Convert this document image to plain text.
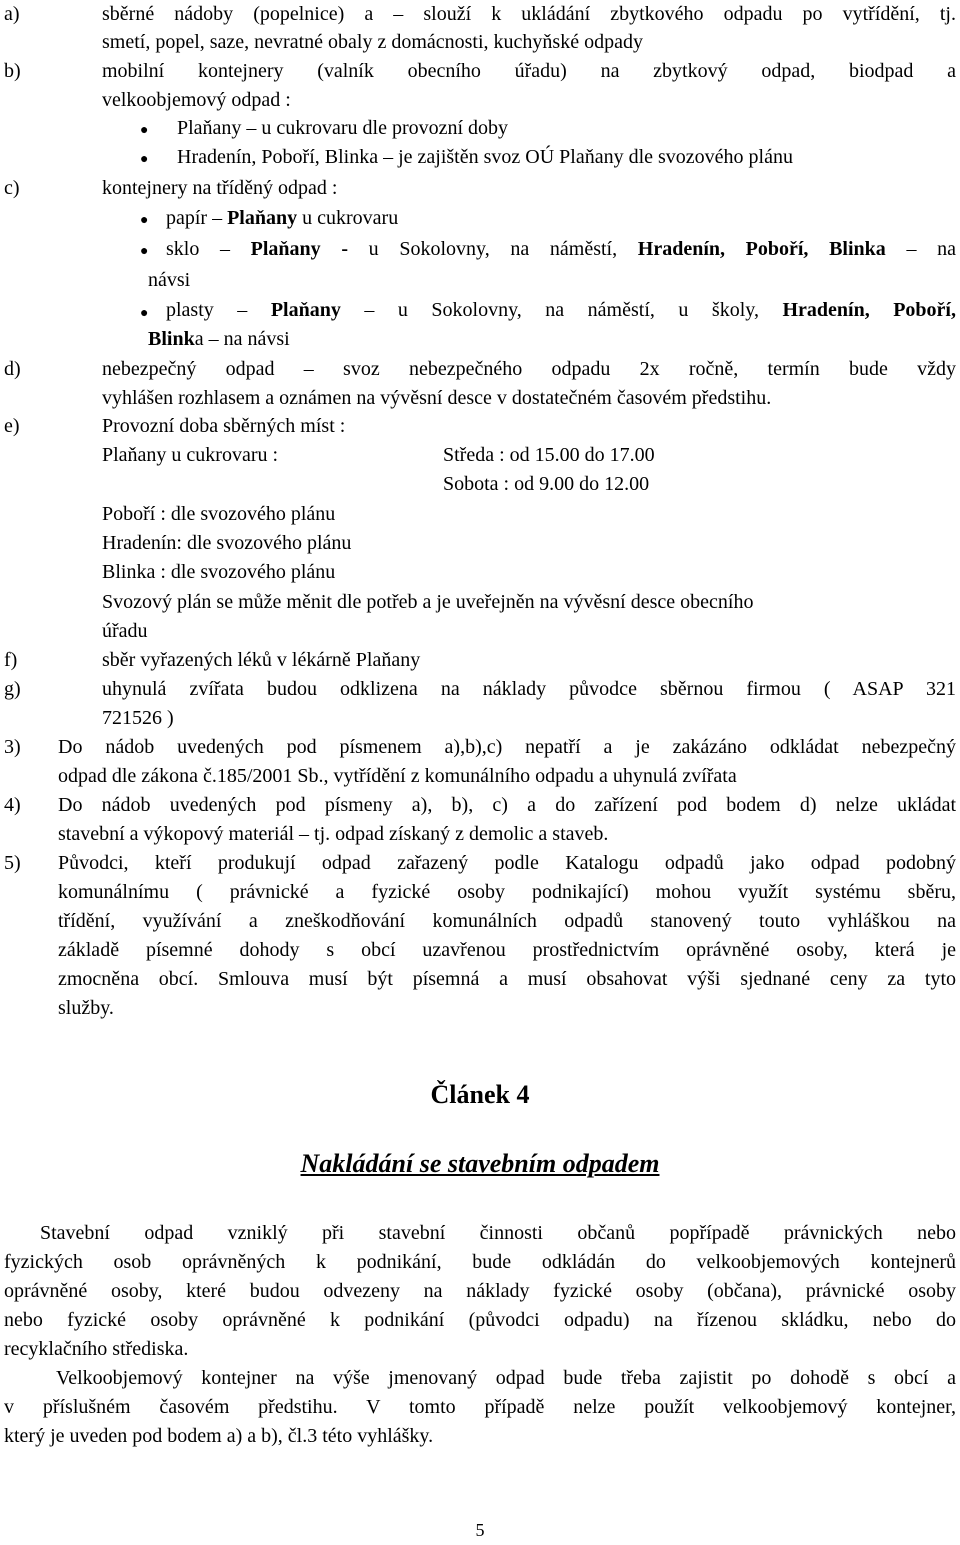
a)	sběrné nádoby (popelnice) a – slouží k ukládání zbytkového odpadu po vytřídění, tj.
smetí, popel, saze, nevratné obaly z domácnosti, kuchyňské odpady
b)	mobilní kontejnery (valník obecního úřadu) na zbytkový odpad, biodpad a
velkoobjemový odpad :
● Plaňany – u cukrovaru dle provozní doby
● Hradenín, Poboří, Blinka – je zajištěn svoz OÚ Plaňany dle svozového plánu
c)	kontejnery na tříděný odpad :
● papír – Plaňany u cukrovaru
● sklo – Plaňany - u Sokolovny, na náměstí, Hradenín, Poboří, Blinka – na
návsi
● plasty – Plaňany – u Sokolovny, na náměstí, u školy, Hradenín, Poboří,
Blinka – na návsi
d)	nebezpečný odpad – svoz nebezpečného odpadu 2x ročně, termín bude vždy
vyhlášen rozhlasem a oznámen na vývěsní desce v dostatečném časovém předstihu.
e)	Provozní doba sběrných míst :
Plaňany u cukrovaru :	Středa : od 15.00 do 17.00
Sobota : od 9.00 do 12.00
Poboří : dle svozového plánu
Hradenín: dle svozového plánu
Blinka : dle svozového plánu
Svozový plán se může měnit dle potřeb a je uveřejněn na vývěsní desce obecního
úřadu
f)	sběr vyřazených léků v lékárně Plaňany
g)	uhynulá zvířata budou odklizena na náklady původce sběrnou firmou ( ASAP 321
721526 )
3) Do nádob uvedených pod písmenem a),b),c) nepatří a je zakázáno odkládat nebezpečný
odpad dle zákona č.185/2001 Sb., vytřídění z komunálního odpadu a uhynulá zvířata
4) Do nádob uvedených pod písmeny a), b), c) a do zařízení pod bodem d) nelze ukládat
stavební a výkopový materiál – tj. odpad získaný z demolic a staveb.
5) Původci, kteří produkují odpad zařazený podle Katalogu odpadů jako odpad podobný
komunálnímu ( právnické a fyzické osoby podnikající) mohou využít systému sběru,
třídění, využívání a zneškodňování komunálních odpadů stanovený touto vyhláškou na
základě písemné dohody s obcí uzavřenou prostřednictvím oprávněné osoby, která je
zmocněna obcí. Smlouva musí být písemná a musí obsahovat výši sjednané ceny za tyto
služby.
Článek 4
Nakládání se stavebním odpadem
Stavební odpad vzniklý při stavební činnosti občanů popřípadě právnických nebo
fyzických osob oprávněných k podnikání, bude odkládán do velkoobjemových kontejnerů
oprávněné osoby, které budou odvezeny na náklady fyzické osoby (občana), právnické osoby
nebo fyzické osoby oprávněné k podnikání (původci odpadu) na řízenou skládku, nebo do
recyklačního střediska.
Velkoobjemový kontejner na výše jmenovaný odpad bude třeba zajistit po dohodě s obcí a
v příslušném časovém předstihu. V tomto případě nelze použít velkoobjemový kontejner,
který je uveden pod bodem a) a b), čl.3 této vyhlášky.
5
